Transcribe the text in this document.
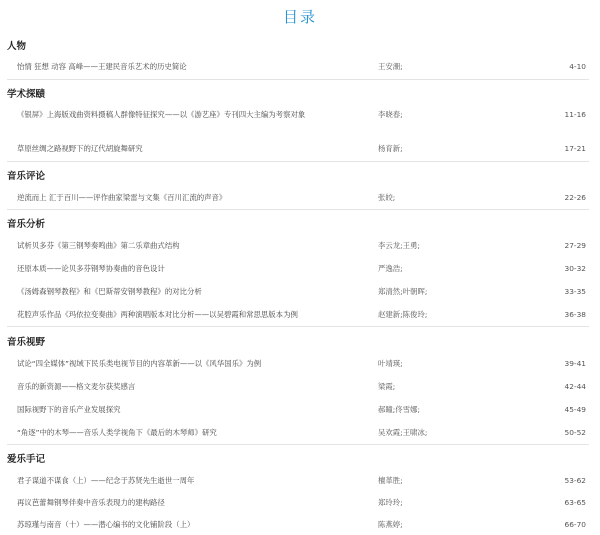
目录
人物
怡情 狂想 动容 高峰——王建民音乐艺术的历史简论	王安潮;	4-10
学术探赜
《银屏》上海版戏曲资料摄稿人群像特征探究——以《游艺座》专刊四大主编为考察对象	李晓春;	11-16
草原丝绸之路视野下的辽代胡旋舞研究	杨育新;	17-21
音乐评论
逆流而上 汇于百川——评作曲家梁雷与文集《百川汇流的声音》	张皎;	22-26
音乐分析
试析贝多芬《第三钢琴奏鸣曲》第二乐章曲式结构	李云龙;王勇;	27-29
还原本质——论贝多芬钢琴协奏曲的音色设计	严逸浩;	30-32
《汤姆森钢琴教程》和《巴斯蒂安钢琴教程》的对比分析	郑清然;叶朝晖;	33-35
花腔声乐作品《玛依拉变奏曲》两种演唱版本对比分析——以吴碧霞和常思思版本为例	赵建新;陈俊玲;	36-38
音乐视野
试论“四全媒体”视域下民乐类电视节目的内容革新——以《风华国乐》为例	叶靖瑛;	39-41
音乐的新资源——格文麦尔获奖感言	梁霞;	42-44
国际视野下的音乐产业发展探究	郝瞳;佟雪娜;	45-49
“角逐”中的木琴——音乐人类学视角下《最后的木琴师》研究	吴欢霞;王啸冰;	50-52
爱乐手记
君子谋道不谋食（上）——纪念于苏贤先生逝世一周年	檀革胜;	53-62
再议芭蕾舞钢琴伴奏中音乐表现力的建构路径	郑玲玲;	63-65
苏琼瑾与南音（十）——潜心编书的文化铺阶段（上）	陈燕婷;	66-70
